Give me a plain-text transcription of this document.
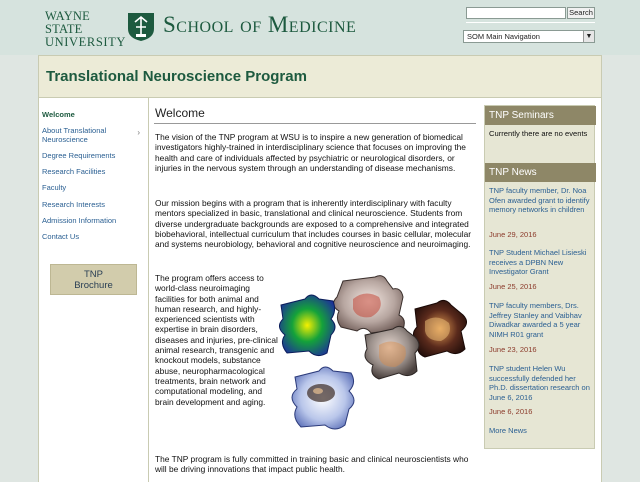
WAYNE STATE
UNIVERSITY
School of Medicine	Search
SOM Main Navigation	▼
Translational Neuroscience Program
Welcome
About Translational Neuroscience
›
Degree Requirements
Research Facilities
Faculty
Research Interests
Admission Information
Contact Us
TNP
Brochure
Welcome
The vision of the TNP program at WSU is to inspire a new generation of biomedical investigators highly-trained in interdisciplinary science that focuses on improving the health and care of individuals affected by psychiatric or neurological disorders, or injuries in the nervous system through an understanding of disease mechanisms.
Our mission begins with a program that is inherently interdisciplinary with faculty mentors specialized in basic, translational and clinical neuroscience. Students from diverse undergraduate backgrounds are exposed to a comprehensive and integrated biobehavioral, intellectual curriculum that includes courses in basic cellular, molecular and systems neurobiology, behavioral and cognitive neuroscience and neuroimaging.
The program offers access to world-class neuroimaging facilities for both animal and human research, and highly-experienced scientists with expertise in brain disorders, diseases and injuries, pre-clinical animal research, transgenic and knockout models, substance abuse, neuropharmacological treatments, brain network and computational modeling, and brain development and aging.
The TNP program is fully committed in training basic and clinical neuroscientists who will be driving innovations that impact public health.
TNP Seminars
Currently there are no events
TNP News
TNP faculty member, Dr. Noa Ofen awarded grant to identify memory networks in children
June 29, 2016
TNP Student Michael Lisieski receives a DPBN New Investigator Grant
June 25, 2016
TNP faculty members, Drs. Jeffrey Stanley and Vaibhav Diwadkar awarded a 5 year NIMH R01 grant
June 23, 2016
TNP student Helen Wu successfully defended her Ph.D. dissertation research on June 6, 2016
June 6, 2016
More News
